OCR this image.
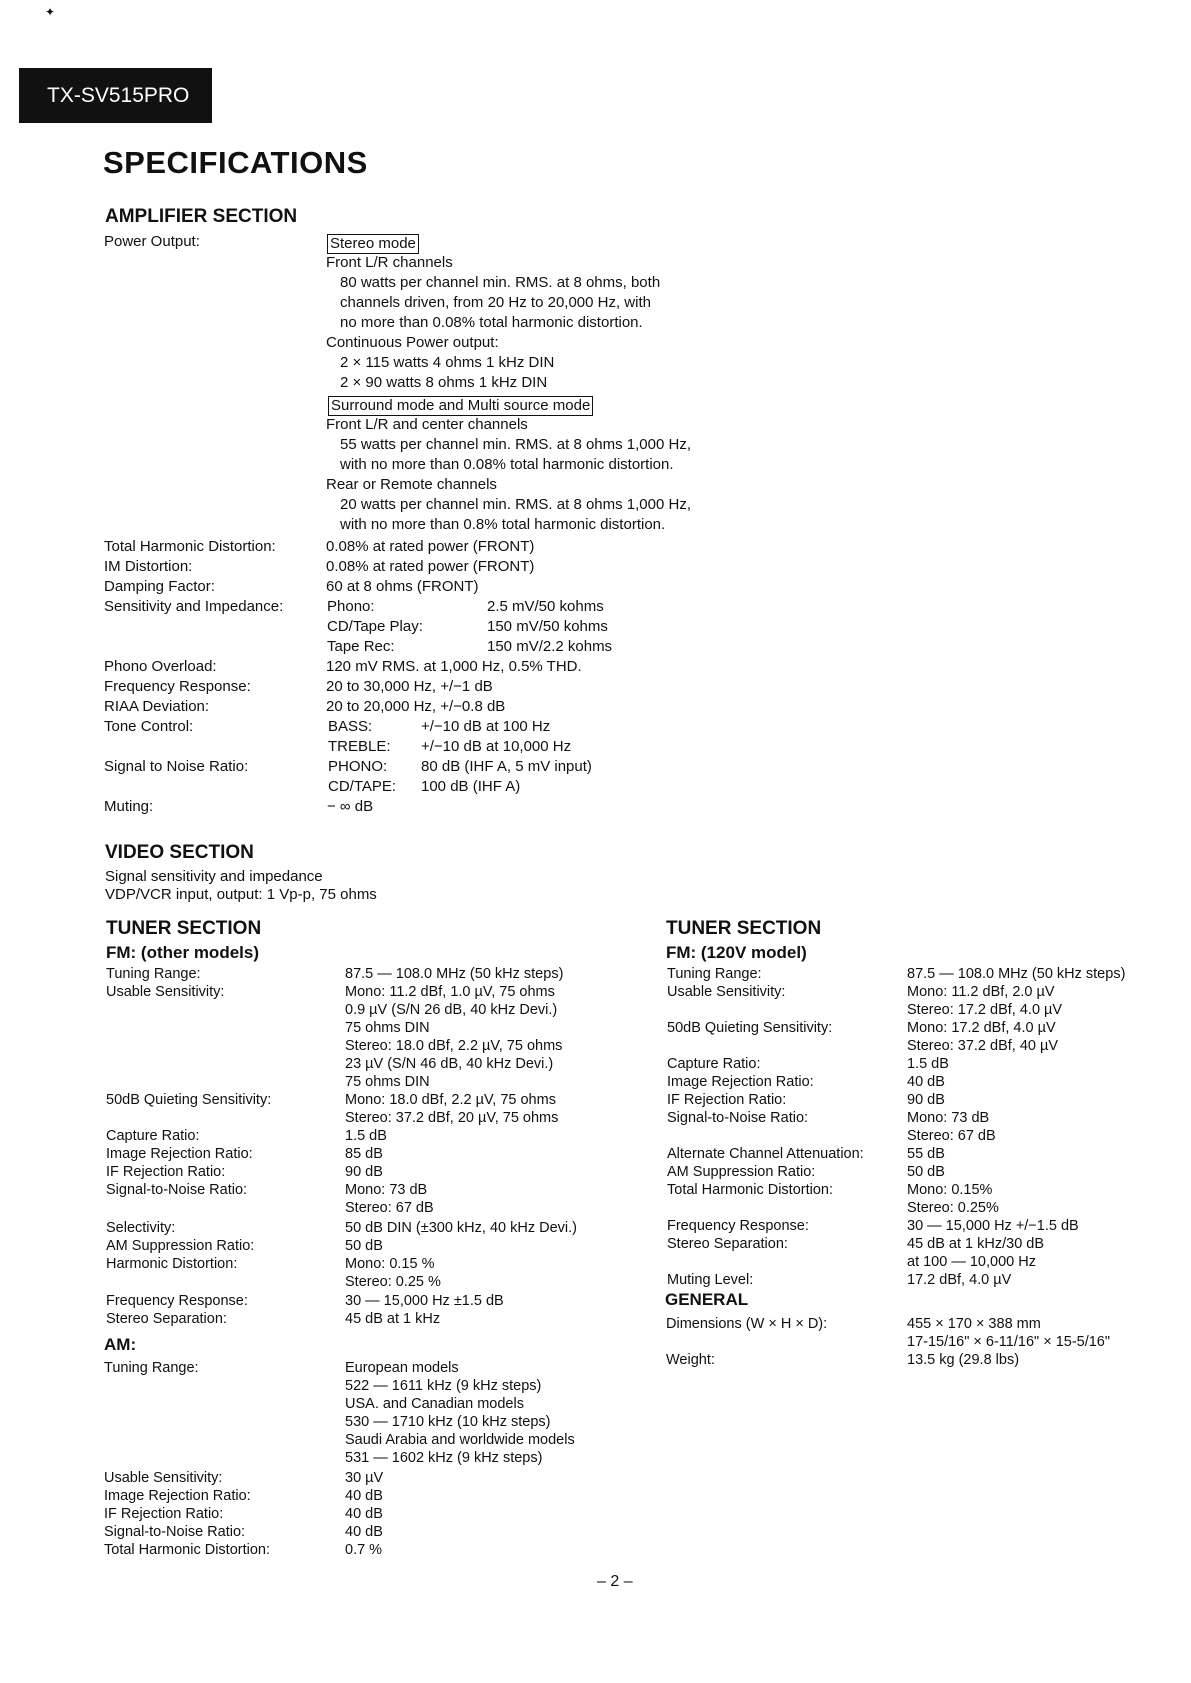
✦
TX-SV515PRO
SPECIFICATIONS
AMPLIFIER SECTION
Power Output:	Stereo mode
Front L/R channels
80 watts per channel min. RMS. at 8 ohms, both
channels driven, from 20 Hz to 20,000 Hz, with
no more than 0.08% total harmonic distortion.
Continuous Power output:
2 × 115 watts 4 ohms 1 kHz DIN
2 × 90 watts 8 ohms 1 kHz DIN
Surround mode and Multi source mode
Front L/R and center channels
55 watts per channel min. RMS. at 8 ohms 1,000 Hz,
with no more than 0.08% total harmonic distortion.
Rear or Remote channels
20 watts per channel min. RMS. at 8 ohms 1,000 Hz,
with no more than 0.8% total harmonic distortion.
Total Harmonic Distortion:	0.08% at rated power (FRONT)
IM Distortion:	0.08% at rated power (FRONT)
Damping Factor:	60 at 8 ohms (FRONT)
Sensitivity and Impedance:	Phono:	2.5 mV/50 kohms
CD/Tape Play:	150 mV/50 kohms
Tape Rec:	150 mV/2.2 kohms
Phono Overload:	120 mV RMS. at 1,000 Hz, 0.5% THD.
Frequency Response:	20 to 30,000 Hz, +/−1 dB
RIAA Deviation:	20 to 20,000 Hz, +/−0.8 dB
Tone Control:	BASS:	+/−10 dB at 100 Hz
TREBLE: +/−10 dB at 10,000 Hz
Signal to Noise Ratio:	PHONO: 80 dB (IHF A, 5 mV input)
CD/TAPE: 100 dB (IHF A)
Muting:	− ∞ dB
VIDEO SECTION
Signal sensitivity and impedance
VDP/VCR input, output: 1 Vp-p, 75 ohms
TUNER SECTION
FM: (other models)
Tuning Range:	87.5 — 108.0 MHz (50 kHz steps)
Usable Sensitivity:	Mono: 11.2 dBf, 1.0 µV, 75 ohms
0.9 µV (S/N 26 dB, 40 kHz Devi.)
75 ohms DIN
Stereo: 18.0 dBf, 2.2 µV, 75 ohms
23 µV (S/N 46 dB, 40 kHz Devi.)
75 ohms DIN
50dB Quieting Sensitivity:	Mono: 18.0 dBf, 2.2 µV, 75 ohms
Stereo: 37.2 dBf, 20 µV, 75 ohms
Capture Ratio:	1.5 dB
Image Rejection Ratio:	85 dB
IF Rejection Ratio:	90 dB
Signal-to-Noise Ratio:	Mono: 73 dB
Stereo: 67 dB
Selectivity:	50 dB DIN (±300 kHz, 40 kHz Devi.)
AM Suppression Ratio:	50 dB
Harmonic Distortion:	Mono: 0.15 %
Stereo: 0.25 %
Frequency Response:	30 — 15,000 Hz ±1.5 dB
Stereo Separation:	45 dB at 1 kHz
AM:
Tuning Range:	European models
522 — 1611 kHz (9 kHz steps)
USA. and Canadian models
530 — 1710 kHz (10 kHz steps)
Saudi Arabia and worldwide models
531 — 1602 kHz (9 kHz steps)
Usable Sensitivity:	30 µV
Image Rejection Ratio:	40 dB
IF Rejection Ratio:	40 dB
Signal-to-Noise Ratio:	40 dB
Total Harmonic Distortion:	0.7 %
TUNER SECTION
FM: (120V model)
Tuning Range:	87.5 — 108.0 MHz (50 kHz steps)
Usable Sensitivity:	Mono: 11.2 dBf, 2.0 µV
Stereo: 17.2 dBf, 4.0 µV
50dB Quieting Sensitivity:	Mono: 17.2 dBf, 4.0 µV
Stereo: 37.2 dBf, 40 µV
Capture Ratio:	1.5 dB
Image Rejection Ratio:	40 dB
IF Rejection Ratio:	90 dB
Signal-to-Noise Ratio:	Mono: 73 dB
Stereo: 67 dB
Alternate Channel Attenuation:	55 dB
AM Suppression Ratio:	50 dB
Total Harmonic Distortion:	Mono: 0.15%
Stereo: 0.25%
Frequency Response:	30 — 15,000 Hz +/−1.5 dB
Stereo Separation:	45 dB at 1 kHz/30 dB
at 100 — 10,000 Hz
Muting Level:	17.2 dBf, 4.0 µV
GENERAL
Dimensions (W × H × D):	455 × 170 × 388 mm
17-15/16" × 6-11/16" × 15-5/16"
Weight:	13.5 kg (29.8 lbs)
– 2 –
